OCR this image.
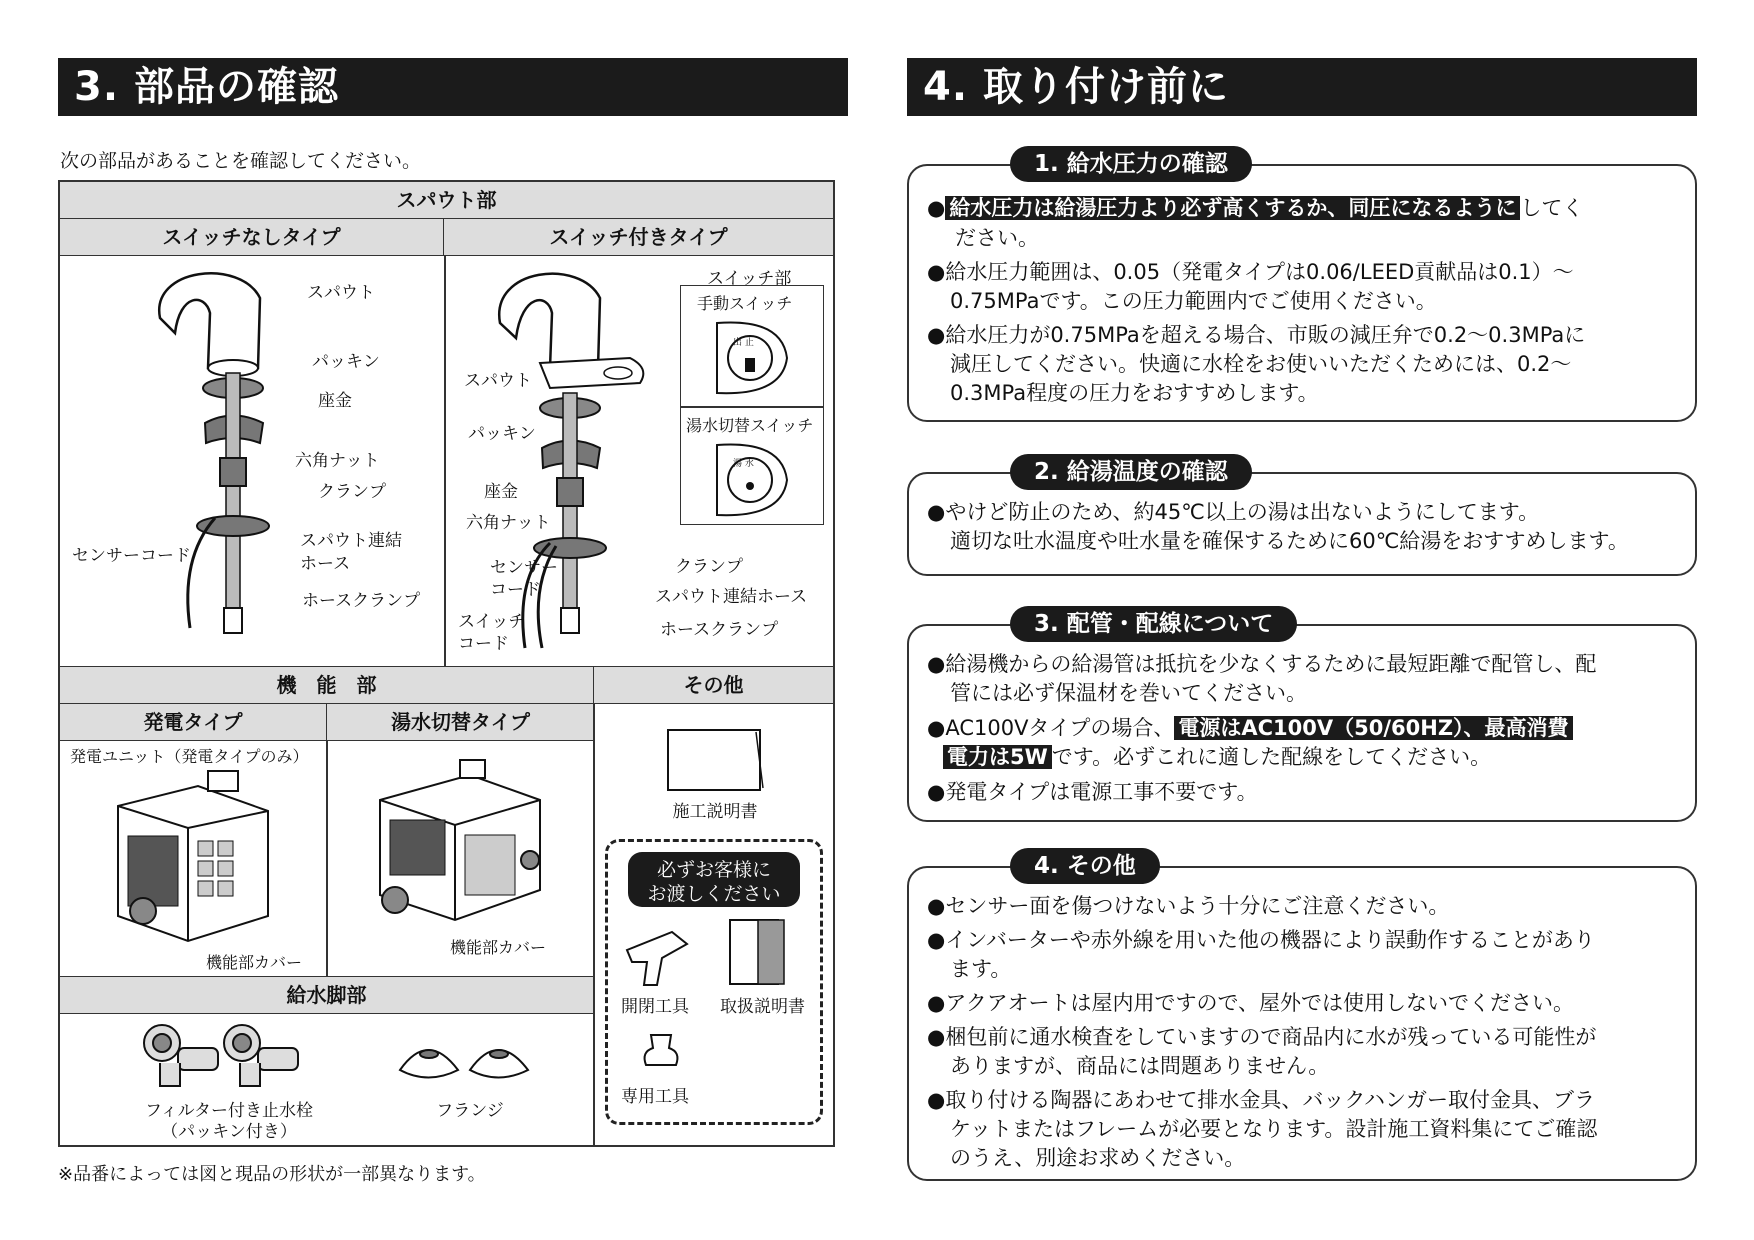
3. 部品の確認
次の部品があることを確認してください。
スパウト部
スイッチなしタイプ	スイッチ付きタイプ
スパウト
パッキン
座金
六角ナット
クランプ
センサーコード
スパウト連結
ホース
ホースクランプ
スパウト
パッキン
座金
六角ナット
センサー
コード
スイッチ
コード
クランプ
スパウト連結ホース
ホースクランプ
スイッチ部
手動スイッチ
出 止
湯水切替スイッチ
湯 水
機　能　部	その他
発電タイプ	湯水切替タイプ
発電ユニット（発電タイプのみ）
機能部カバー
機能部カバー
給水脚部
フィルター付き止水栓
（パッキン付き）
フランジ
施工説明書
必ずお客様に
お渡しください
開閉工具	取扱説明書
専用工具
※品番によっては図と現品の形状が一部異なります。
4. 取り付け前に
1. 給水圧力の確認
● 給水圧力は給湯圧力より必ず高くするか、同圧になるように してく
ださい。
●給水圧力範囲は、0.05（発電タイプは0.06/LEED貢献品は0.1）～
0.75MPaです。この圧力範囲内でご使用ください。
●給水圧力が0.75MPaを超える場合、市販の減圧弁で0.2～0.3MPaに
減圧してください。快適に水栓をお使いいただくためには、0.2～
0.3MPa程度の圧力をおすすめします。
2. 給湯温度の確認
●やけど防止のため、約45℃以上の湯は出ないようにしてます。
適切な吐水温度や吐水量を確保するために60℃給湯をおすすめします。
3. 配管・配線について
●給湯機からの給湯管は抵抗を少なくするために最短距離で配管し、配
管には必ず保温材を巻いてください。
●AC100Vタイプの場合、 電源はAC100V（50/60HZ）、最高消費
電力は5W です。必ずこれに適した配線をしてください。
●発電タイプは電源工事不要です。
4. その他
●センサー面を傷つけないよう十分にご注意ください。
●インバーターや赤外線を用いた他の機器により誤動作することがあり
ます。
●アクアオートは屋内用ですので、屋外では使用しないでください。
●梱包前に通水検査をしていますので商品内に水が残っている可能性が
ありますが、商品には問題ありません。
●取り付ける陶器にあわせて排水金具、バックハンガー取付金具、ブラ
ケットまたはフレームが必要となります。設計施工資料集にてご確認
のうえ、別途お求めください。
